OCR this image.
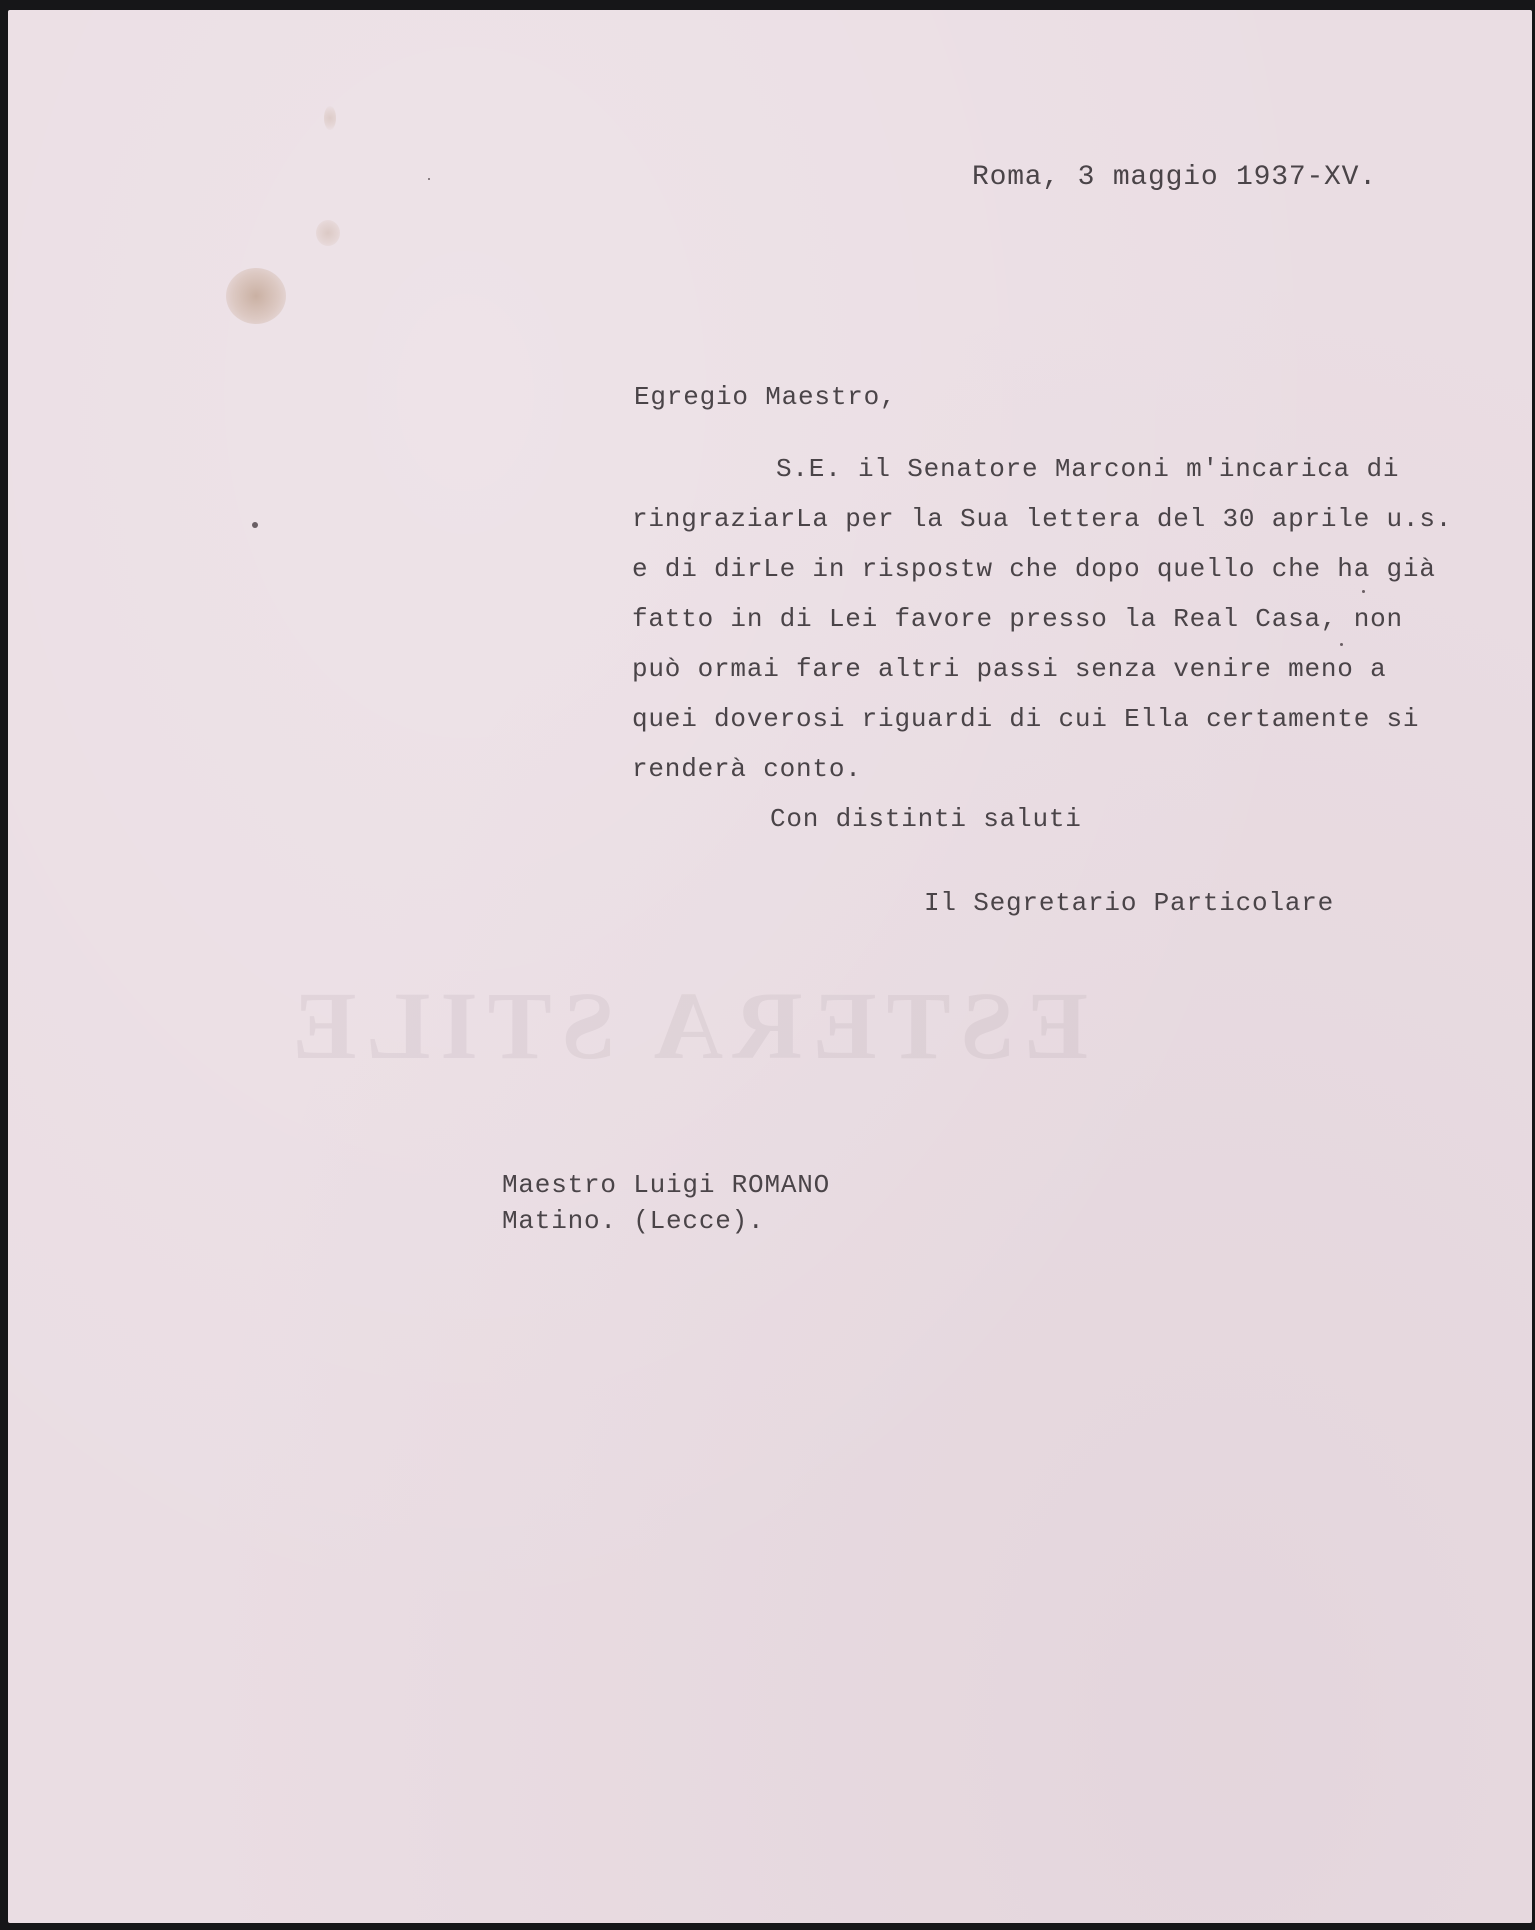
ESTERA STILE
Roma, 3 maggio 1937-XV.
Egregio Maestro,
S.E. il Senatore Marconi m'incarica di
ringraziarLa per la Sua lettera del 30 aprile u.s.
e di dirLe in rispostw che dopo quello che ha già
fatto in di Lei favore presso la Real Casa, non
può ormai fare altri passi senza venire meno a
quei doverosi riguardi di cui Ella certamente si
renderà conto.
Con distinti saluti
Il Segretario Particolare
Maestro Luigi ROMANO
Matino. (Lecce).
